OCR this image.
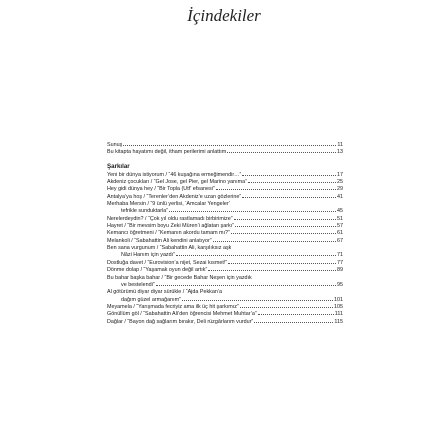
İçindekiler
Sunuş	11
Bu kitapta hayatımı değil, itham perilerimi anlattım	13
Şarkılar
Yeni bir dünya istiyorum / “46 kuşağına ermeğimendir…”	17
Akdeniz çocukları / “Gel Jose, gel Pier, gel Marino yanıma”	25
Hey gidi dünya hey / “Bir Topla (Ütf’ efsanesi”	29
Antalya’ya hoş / “Terenler’den Akdeniz’e uzan gözlerine”	41
Merhaba Mersin / “9 ünlü yerlisi, ‘Amcalar Yengeler’
tefrikle sunduktarla”	45
Nerelerdeydin? / “Çok yıl oldu rastlamadı birbirimize”	51
Hayret / “Bir mevsim boyu Zeki Müren’i ağlatan şarkı”	57
Kemancı öğretmeni / “Kemanın akordu tamam mı?”	61
Melankoli / “Sabahattin Ali kendini anlatıyor”	67
Ben sana vurgunum / “Sabahattin Ali, karşılıksız aşk
Nâzi Hanım için yazdı”	71
Dostluğa davet / “Eurovision’a nijet, Sezai kısmet!”	77
Dönme dolap / “Yaşamak oyun değil artık”	89
Bu bahar başka bahar / “Bir gecede Bahar Neşen için yazdık
ve bestelendi”	95
Al götürümü diyar diyar sürükle / “Ajda Pekkan’a
dağım güzel armağanım”	101
Meyamela / “Yarışmada fecriyiz ama ilk üç hit şarkımız”	105
Gönüllüm göl / “Sabahattin Ali’den öğrencisi Mehmet Muhtar’a”	111
Dağlar / “Bayon dağ sağlarım bırakır, Deli rüzgârlarım vurdur”	115
